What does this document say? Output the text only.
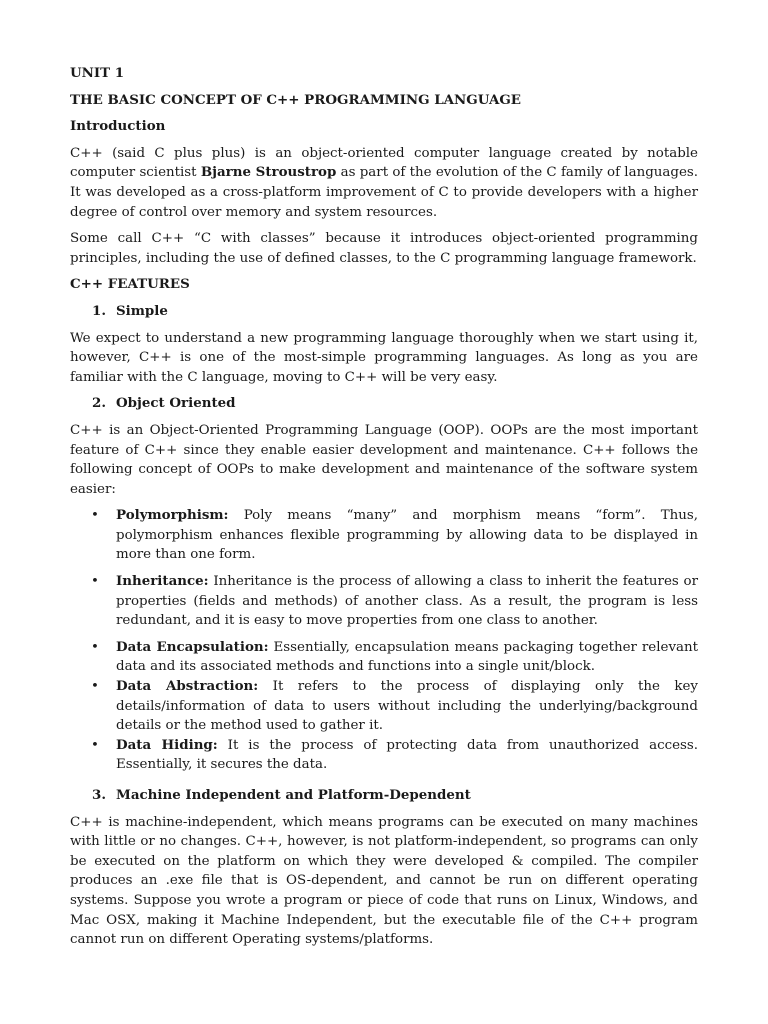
UNIT 1
THE BASIC CONCEPT OF C++ PROGRAMMING LANGUAGE
Introduction

C++ (said C plus plus) is an object-oriented computer language created by notable computer scientist Bjarne Stroustrop as part of the evolution of the C family of languages. It was developed as a cross-platform improvement of C to provide developers with a higher degree of control over memory and system resources.

Some call C++ “C with classes” because it introduces object-oriented programming principles, including the use of defined classes, to the C programming language framework.

C++ FEATURES
1. Simple

We expect to understand a new programming language thoroughly when we start using it, however, C++ is one of the most-simple programming languages. As long as you are familiar with the C language, moving to C++ will be very easy.

2. Object Oriented

C++ is an Object-Oriented Programming Language (OOP). OOPs are the most important feature of C++ since they enable easier development and maintenance. C++ follows the following concept of OOPs to make development and maintenance of the software system easier:

• Polymorphism: Poly means “many” and morphism means “form”. Thus, polymorphism enhances flexible programming by allowing data to be displayed in more than one form.
• Inheritance: Inheritance is the process of allowing a class to inherit the features or properties (fields and methods) of another class. As a result, the program is less redundant, and it is easy to move properties from one class to another.
• Data Encapsulation: Essentially, encapsulation means packaging together relevant data and its associated methods and functions into a single unit/block.
• Data Abstraction: It refers to the process of displaying only the key details/information of data to users without including the underlying/background details or the method used to gather it.
• Data Hiding: It is the process of protecting data from unauthorized access. Essentially, it secures the data.
3. Machine Independent and Platform-Dependent

C++ is machine-independent, which means programs can be executed on many machines with little or no changes. C++, however, is not platform-independent, so programs can only be executed on the platform on which they were developed & compiled. The compiler produces an .exe file that is OS-dependent, and cannot be run on different operating systems. Suppose you wrote a program or piece of code that runs on Linux, Windows, and Mac OSX, making it Machine Independent, but the executable file of the C++ program cannot run on different Operating systems/platforms.
